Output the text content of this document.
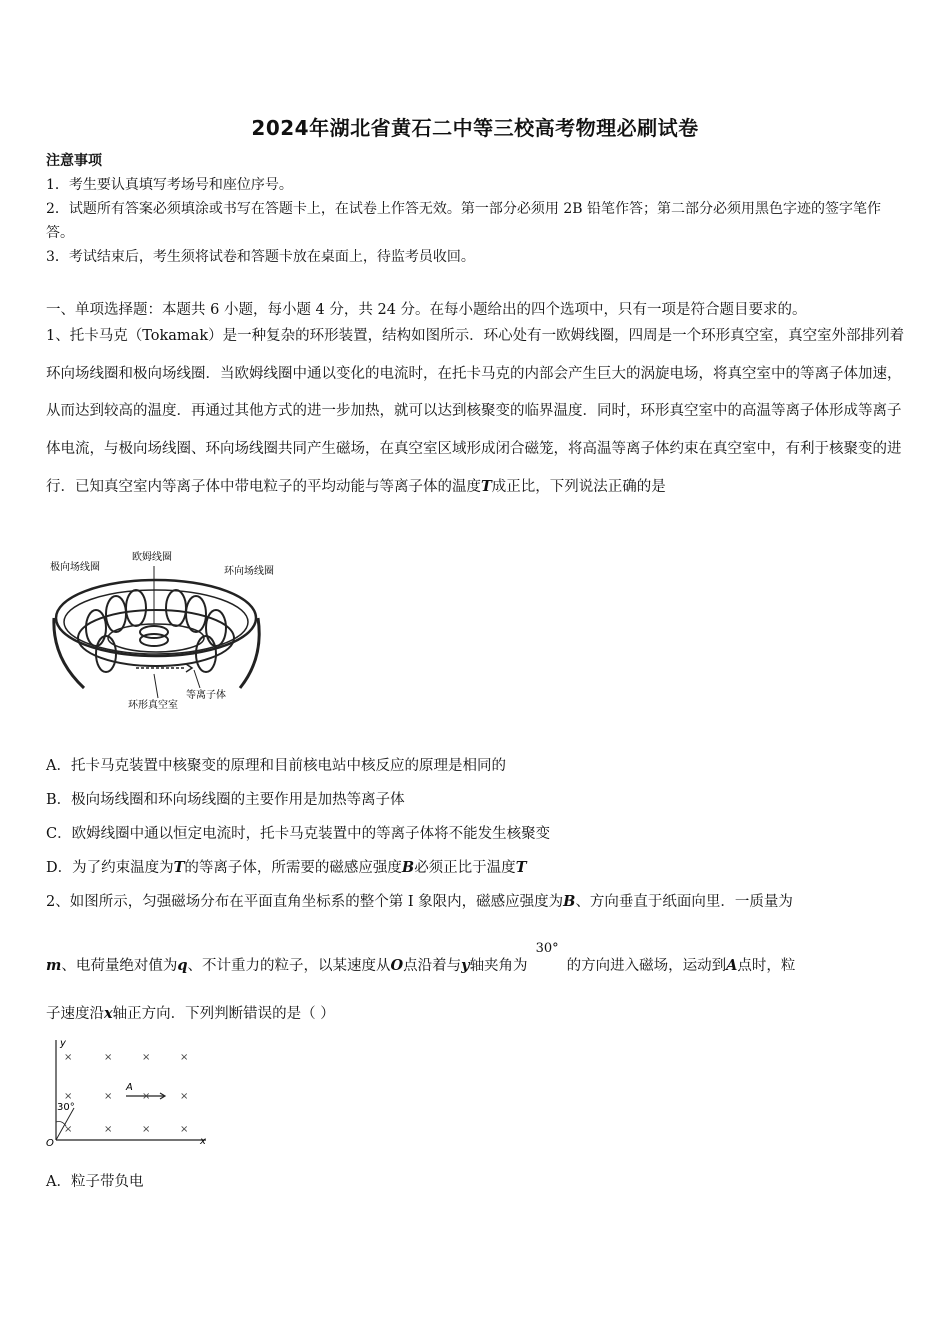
2024年湖北省黄石二中等三校高考物理必刷试卷
注意事项
1．考生要认真填写考场号和座位序号。
2．试题所有答案必须填涂或书写在答题卡上，在试卷上作答无效。第一部分必须用 2B 铅笔作答；第二部分必须用黑色字迹的签字笔作答。
3．考试结束后，考生须将试卷和答题卡放在桌面上，待监考员收回。
一、单项选择题：本题共 6 小题，每小题 4 分，共 24 分。在每小题给出的四个选项中，只有一项是符合题目要求的。
1、托卡马克（Tokamak）是一种复杂的环形装置，结构如图所示．环心处有一欧姆线圈，四周是一个环形真空室，真空室外部排列着环向场线圈和极向场线圈．当欧姆线圈中通以变化的电流时，在托卡马克的内部会产生巨大的涡旋电场，将真空室中的等离子体加速，从而达到较高的温度．再通过其他方式的进一步加热，就可以达到核聚变的临界温度．同时，环形真空室中的高温等离子体形成等离子体电流，与极向场线圈、环向场线圈共同产生磁场，在真空室区域形成闭合磁笼，将高温等离子体约束在真空室中，有利于核聚变的进行．已知真空室内等离子体中带电粒子的平均动能与等离子体的温度T成正比，下列说法正确的是
极向场线圈
欧姆线圈
环向场线圈
等离子体
环形真空室
A．托卡马克装置中核聚变的原理和目前核电站中核反应的原理是相同的
B．极向场线圈和环向场线圈的主要作用是加热等离子体
C．欧姆线圈中通以恒定电流时，托卡马克装置中的等离子体将不能发生核聚变
D．为了约束温度为T的等离子体，所需要的磁感应强度B必须正比于温度T
2、如图所示，匀强磁场分布在平面直角坐标系的整个第 I 象限内，磁感应强度为B、方向垂直于纸面向里．一质量为
m、电荷量绝对值为q、不计重力的粒子，以某速度从O点沿着与y轴夹角为30°的方向进入磁场，运动到A点时，粒
子速度沿x轴正方向．下列判断错误的是（ ）
×	×	×	×
×	×	×	×
×	×	×	×
y
x
O
A
30°
A．粒子带负电
